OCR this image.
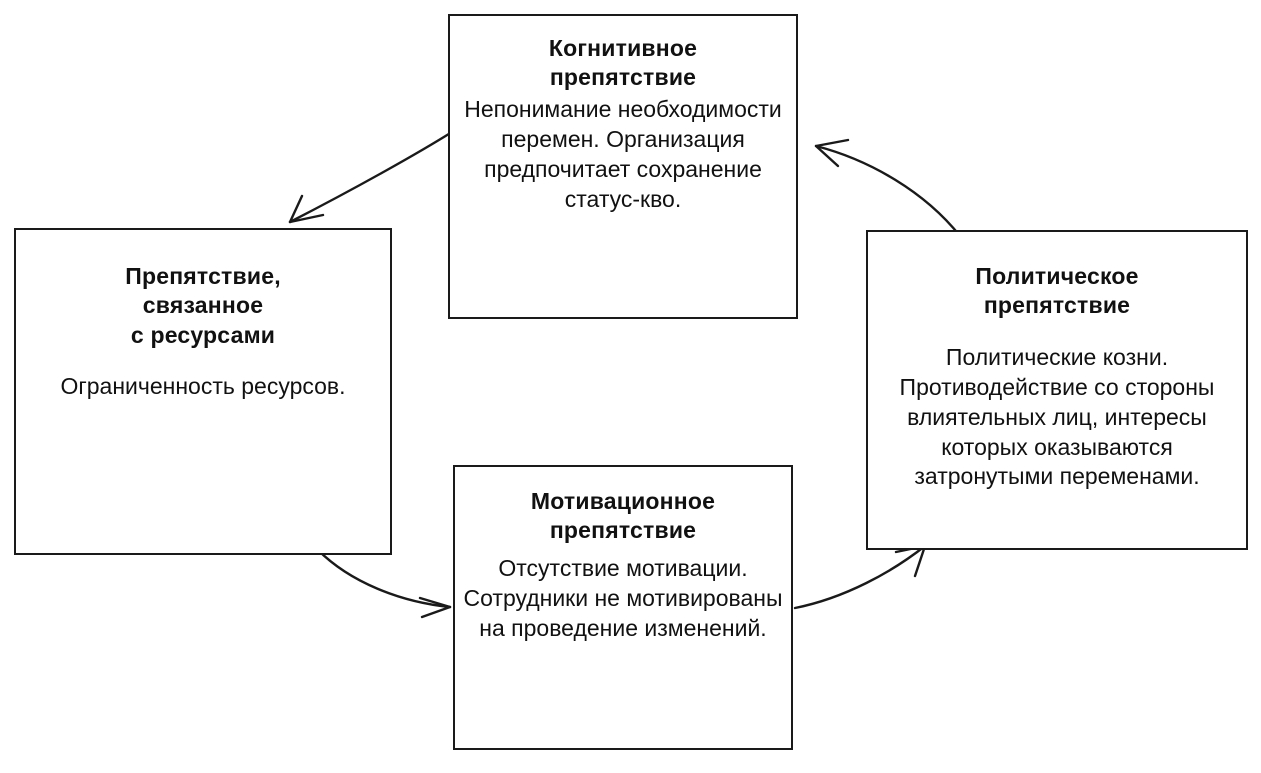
Когнитивное
препятствие
Непонимание необходимости перемен. Организация предпочитает сохранение статус-кво.
Препятствие,
связанное
с ресурсами
Ограниченность ресурсов.
Политическое
препятствие
Политические козни. Противодействие со стороны влиятельных лиц, интересы которых оказываются затронутыми переменами.
Мотивационное
препятствие
Отсутствие мотивации. Сотрудники не мотивированы на проведение изменений.
